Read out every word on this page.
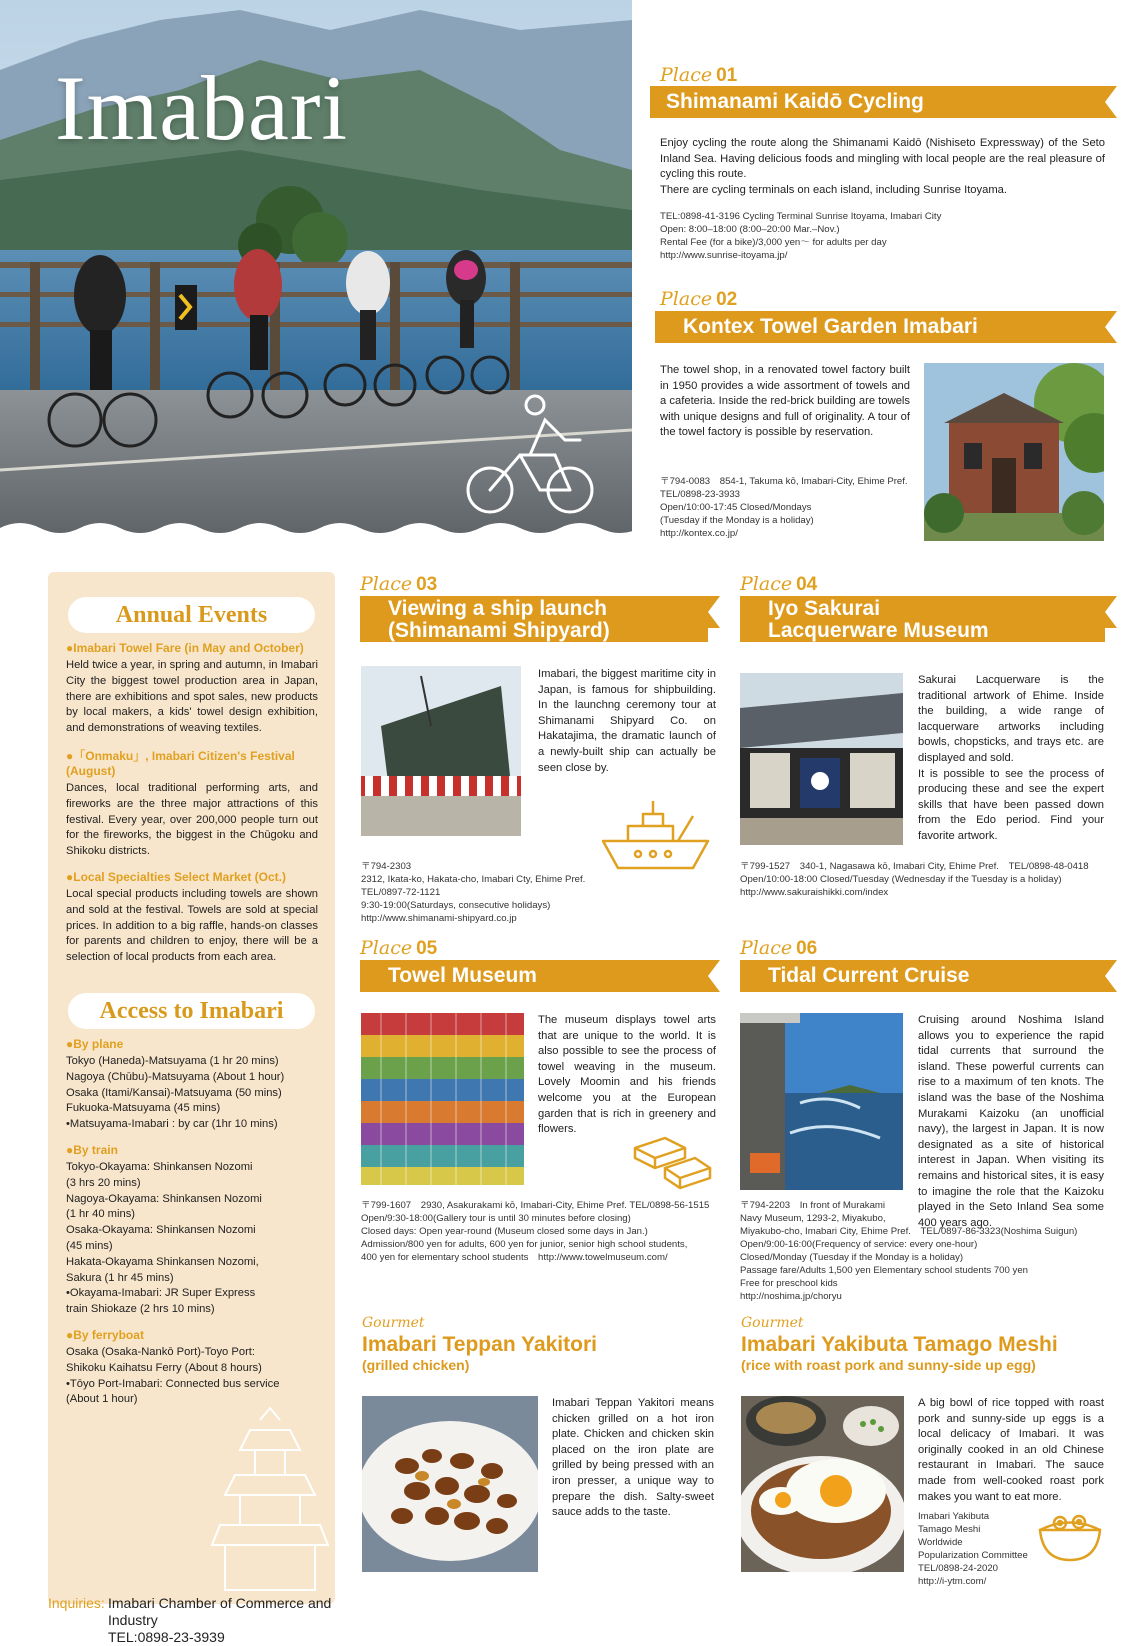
Imabari	Place 01
Shimanami Kaidō Cycling
Enjoy cycling the route along the Shimanami Kaidō (Nishiseto Expressway) of the Seto Inland Sea. Having delicious foods and mingling with local people are the real pleasure of cycling this route.
There are cycling terminals on each island, including Sunrise Itoyama.
TEL:0898-41-3196 Cycling Terminal Sunrise Itoyama, Imabari City
Open: 8:00–18:00 (8:00–20:00 Mar.–Nov.)
Rental Fee (for a bike)/3,000 yen～ for adults per day
http://www.sunrise-itoyama.jp/
Place 02
Kontex Towel Garden Imabari
The towel shop, in a renovated towel factory built in 1950 provides a wide assortment of towels and a cafeteria. Inside the red-brick building are towels with unique designs and full of originality. A tour of the towel factory is possible by reservation.
〒794-0083　854-1, Takuma kō, Imabari-City, Ehime Pref.
TEL/0898-23-3933
Open/10:00-17:45 Closed/Mondays
(Tuesday if the Monday is a holiday)
http://kontex.co.jp/
Annual Events
●Imabari Towel Fare (in May and October)
Held twice a year, in spring and autumn, in Imabari City the biggest towel production area in Japan, there are exhibitions and spot sales, new products by local makers, a kids' towel design exhibition, and demonstrations of weaving textiles.
●「Onmaku」, Imabari Citizen's Festival (August)
Dances, local traditional performing arts, and fireworks are the three major attractions of this festival. Every year, over 200,000 people turn out for the fireworks, the biggest in the Chūgoku and Shikoku districts.
●Local Specialties Select Market (Oct.)
Local special products including towels are shown and sold at the festival. Towels are sold at special prices. In addition to a big raffle, hands-on classes for parents and children to enjoy, there will be a selection of local products from each area.
Access to Imabari
●By plane
Tokyo (Haneda)-Matsuyama (1 hr 20 mins)
Nagoya (Chūbu)-Matsuyama (About 1 hour)
Osaka (Itami/Kansai)-Matsuyama (50 mins)
Fukuoka-Matsuyama (45 mins)
•Matsuyama-Imabari : by car (1hr 10 mins)
●By train
Tokyo-Okayama: Shinkansen Nozomi
(3 hrs 20 mins)
Nagoya-Okayama: Shinkansen Nozomi
(1 hr 40 mins)
Osaka-Okayama: Shinkansen Nozomi
(45 mins)
Hakata-Okayama Shinkansen Nozomi,
Sakura (1 hr 45 mins)
•Okayama-Imabari: JR Super Express
train Shiokaze (2 hrs 10 mins)
●By ferryboat
Osaka (Osaka-Nankō Port)-Toyo Port:
Shikoku Kaihatsu Ferry (About 8 hours)
•Tōyo Port-Imabari: Connected bus service
(About 1 hour)
Inquiries: Imabari Chamber of Commerce and
Industry
TEL:0898-23-3939
Place 03
Viewing a ship launch
(Shimanami Shipyard)
Imabari, the biggest maritime city in Japan, is famous for shipbuilding. In the launchng ceremony tour at Shimanami Shipyard Co. on Hakatajima, the dramatic launch of a newly-built ship can actually be seen close by.
〒794-2303
2312, Ikata-ko, Hakata-cho, Imabari Cty, Ehime Pref.
TEL/0897-72-1121
9:30-19:00(Saturdays, consecutive holidays)
http://www.shimanami-shipyard.co.jp
Place 04
Iyo Sakurai
Lacquerware Museum
Sakurai Lacquerware is the traditional artwork of Ehime. Inside the building, a wide range of lacquerware artworks including bowls, chopsticks, and trays etc. are displayed and sold.
It is possible to see the process of producing these and see the expert skills that have been passed down from the Edo period. Find your favorite artwork.
〒799-1527　340-1, Nagasawa kō, Imabari City, Ehime Pref.　TEL/0898-48-0418
Open/10:00-18:00 Closed/Tuesday (Wednesday if the Tuesday is a holiday)
http://www.sakuraishikki.com/index
Place 05
Towel Museum
The museum displays towel arts that are unique to the world. It is also possible to see the process of towel weaving in the museum. Lovely Moomin and his friends welcome you at the European garden that is rich in greenery and flowers.
〒799-1607　2930, Asakurakami kō, Imabari-City, Ehime Pref. TEL/0898-56-1515
Open/9:30-18:00(Gallery tour is until 30 minutes before closing)
Closed days: Open year-round (Museum closed some days in Jan.)
Admission/800 yen for adults, 600 yen for junior, senior high school students,
400 yen for elementary school students　http://www.towelmuseum.com/
Place 06
Tidal Current Cruise
Cruising around Noshima Island allows you to experience the rapid tidal currents that surround the island. These powerful currents can rise to a maximum of ten knots. The island was the base of the Noshima Murakami Kaizoku (an unofficial navy), the largest in Japan. It is now designated as a site of historical interest in Japan. When visiting its remains and historical sites, it is easy to imagine the role that the Kaizoku played in the Seto Inland Sea some 400 years ago.
〒794-2203　In front of Murakami
Navy Museum, 1293-2, Miyakubo,
Miyakubo-cho, Imabari City, Ehime Pref.　TEL/0897-86-3323(Noshima Suigun)
Open/9:00-16:00(Frequency of service: every one-hour)
Closed/Monday (Tuesday if the Monday is a holiday)
Passage fare/Adults 1,500 yen Elementary school students 700 yen
Free for preschool kids
http://noshima.jp/choryu
Gourmet
Imabari Teppan Yakitori
(grilled chicken)
Imabari Teppan Yakitori means chicken grilled on a hot iron plate. Chicken and chicken skin placed on the iron plate are grilled by being pressed with an iron presser, a unique way to prepare the dish. Salty-sweet sauce adds to the taste.
Gourmet
Imabari Yakibuta Tamago Meshi
(rice with roast pork and sunny-side up egg)
A big bowl of rice topped with roast pork and sunny-side up eggs is a local delicacy of Imabari. It was originally cooked in an old Chinese restaurant in Imabari. The sauce made from well-cooked roast pork makes you want to eat more.
Imabari Yakibuta
Tamago Meshi
Worldwide
Popularization Committee
TEL/0898-24-2020
http://i-ytm.com/
